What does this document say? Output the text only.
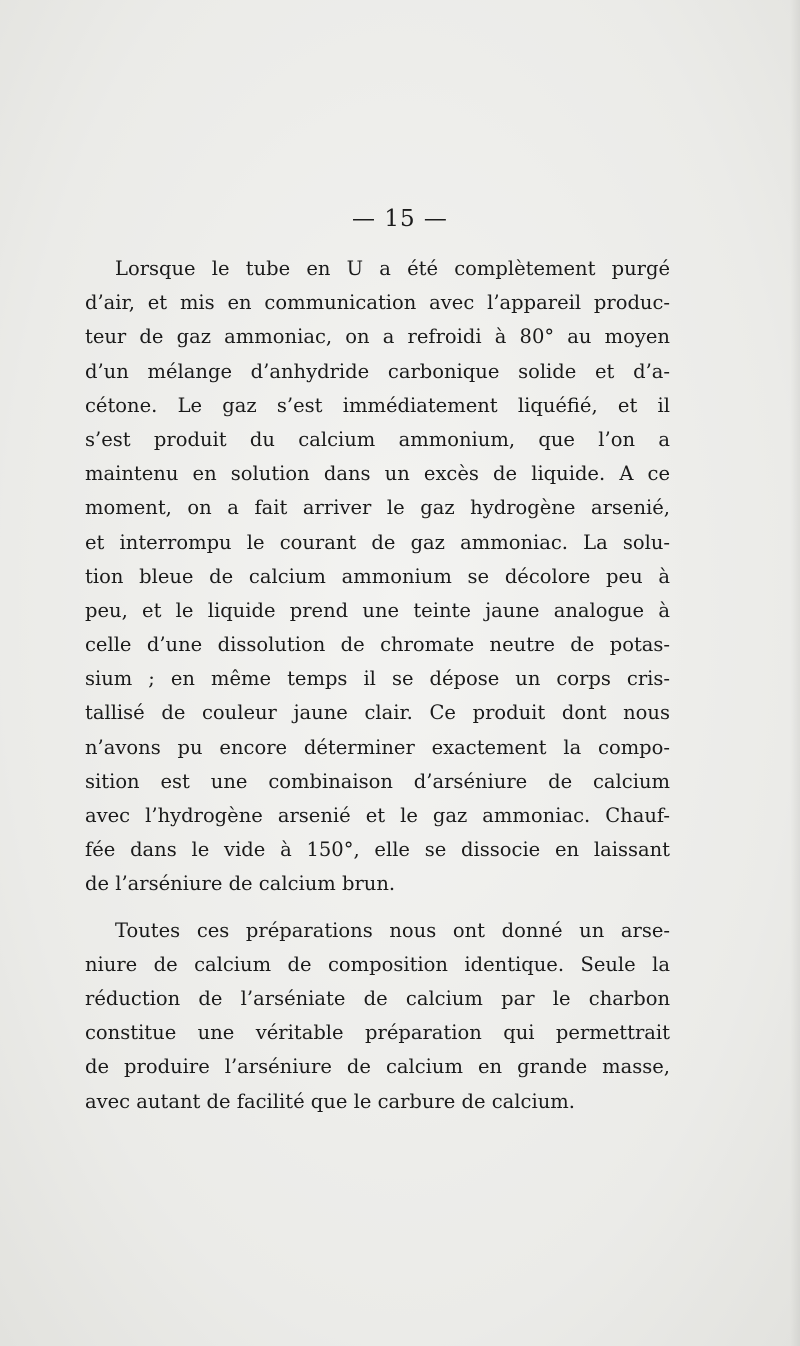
— 15 —
Lorsque le tube en U a été complètement purgé
d’air, et mis en communication avec l’appareil produc-
teur de gaz ammoniac, on a refroidi à 80° au moyen
d’un mélange d’anhydride carbonique solide et d’a-
cétone. Le gaz s’est immédiatement liquéfié, et il
s’est produit du calcium ammonium, que l’on a
maintenu en solution dans un excès de liquide. A ce
moment, on a fait arriver le gaz hydrogène arsenié,
et interrompu le courant de gaz ammoniac. La solu-
tion bleue de calcium ammonium se décolore peu à
peu, et le liquide prend une teinte jaune analogue à
celle d’une dissolution de chromate neutre de potas-
sium ; en même temps il se dépose un corps cris-
tallisé de couleur jaune clair. Ce produit dont nous
n’avons pu encore déterminer exactement la compo-
sition est une combinaison d’arséniure de calcium
avec l’hydrogène arsenié et le gaz ammoniac. Chauf-
fée dans le vide à 150°, elle se dissocie en laissant
de l’arséniure de calcium brun.
Toutes ces préparations nous ont donné un arse-
niure de calcium de composition identique. Seule la
réduction de l’arséniate de calcium par le charbon
constitue une véritable préparation qui permettrait
de produire l’arséniure de calcium en grande masse,
avec autant de facilité que le carbure de calcium.
